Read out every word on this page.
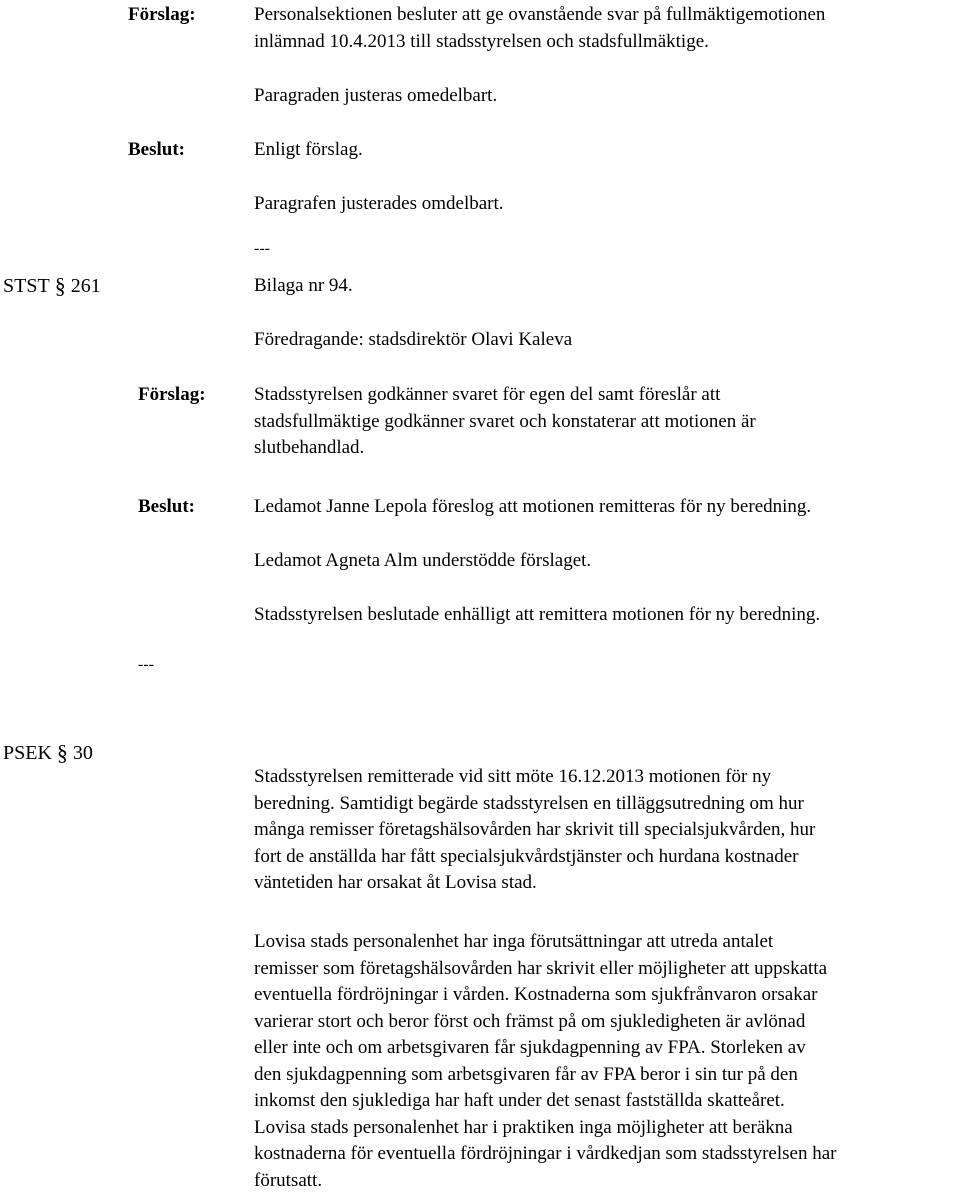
Förslag:	Personalsektionen besluter att ge ovanstående svar på fullmäktigemotionen
inlämnad 10.4.2013 till stadsstyrelsen och stadsfullmäktige.
Paragraden justeras omedelbart.
Beslut:	Enligt förslag.
Paragrafen justerades omdelbart.
---
STST § 261	Bilaga nr 94.
Föredragande: stadsdirektör Olavi Kaleva
Förslag:	Stadsstyrelsen godkänner svaret för egen del samt föreslår att
stadsfullmäktige godkänner svaret och konstaterar att motionen är
slutbehandlad.
Beslut:	Ledamot Janne Lepola föreslog att motionen remitteras för ny beredning.
Ledamot Agneta Alm understödde förslaget.
Stadsstyrelsen beslutade enhälligt att remittera motionen för ny beredning.
---
PSEK § 30
Stadsstyrelsen remitterade vid sitt möte 16.12.2013 motionen för ny
beredning. Samtidigt begärde stadsstyrelsen en tilläggsutredning om hur
många remisser företagshälsovården har skrivit till specialsjukvården, hur
fort de anställda har fått specialsjukvårdstjänster och hurdana kostnader
väntetiden har orsakat åt Lovisa stad.
Lovisa stads personalenhet har inga förutsättningar att utreda antalet
remisser som företagshälsovården har skrivit eller möjligheter att uppskatta
eventuella fördröjningar i vården. Kostnaderna som sjukfrånvaron orsakar
varierar stort och beror först och främst på om sjukledigheten är avlönad
eller inte och om arbetsgivaren får sjukdagpenning av FPA. Storleken av
den sjukdagpenning som arbetsgivaren får av FPA beror i sin tur på den
inkomst den sjuklediga har haft under det senast fastställda skatteåret.
Lovisa stads personalenhet har i praktiken inga möjligheter att beräkna
kostnaderna för eventuella fördröjningar i vårdkedjan som stadsstyrelsen har
förutsatt.
